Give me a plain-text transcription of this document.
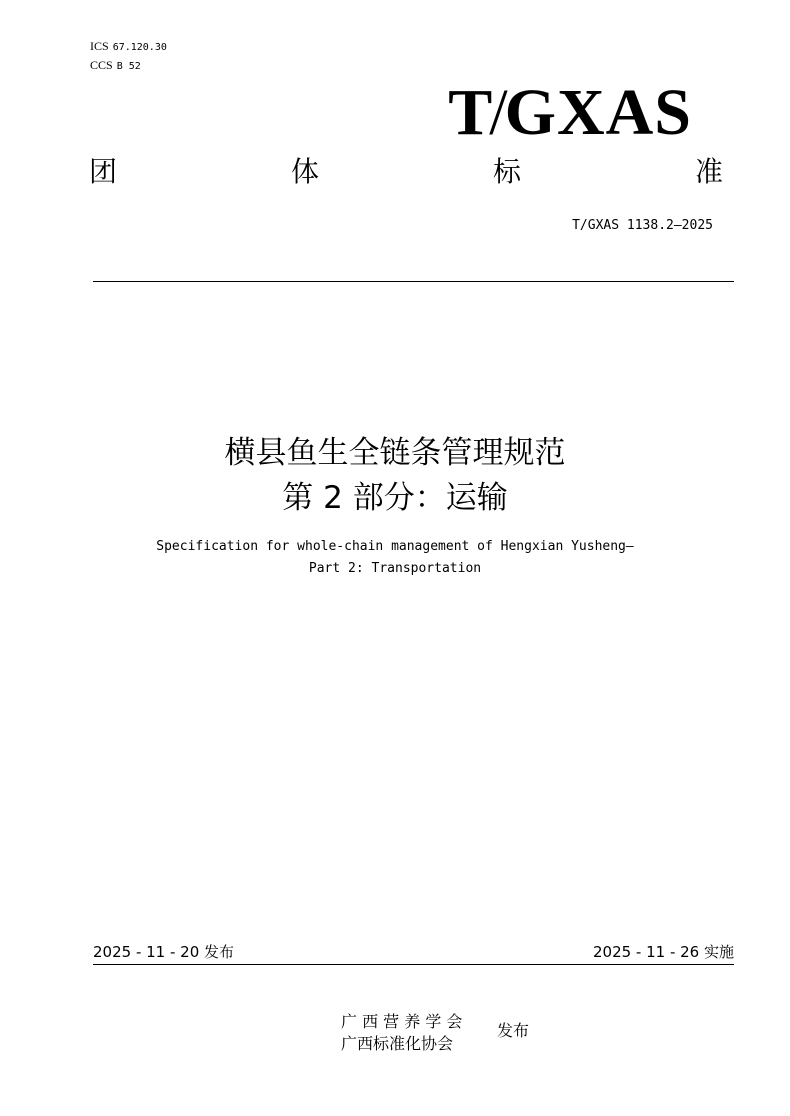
ICS 67.120.30
CCS B 52
T/GXAS
团	体	标	准
T/GXAS 1138.2—2025
横县鱼生全链条管理规范
第 2 部分：运输
Specification for whole-chain management of Hengxian Yusheng—
Part 2: Transportation
2025 - 11 - 20 发布	2025 - 11 - 26 实施
广 西 营 养 学 会
广西标准化协会
发布
